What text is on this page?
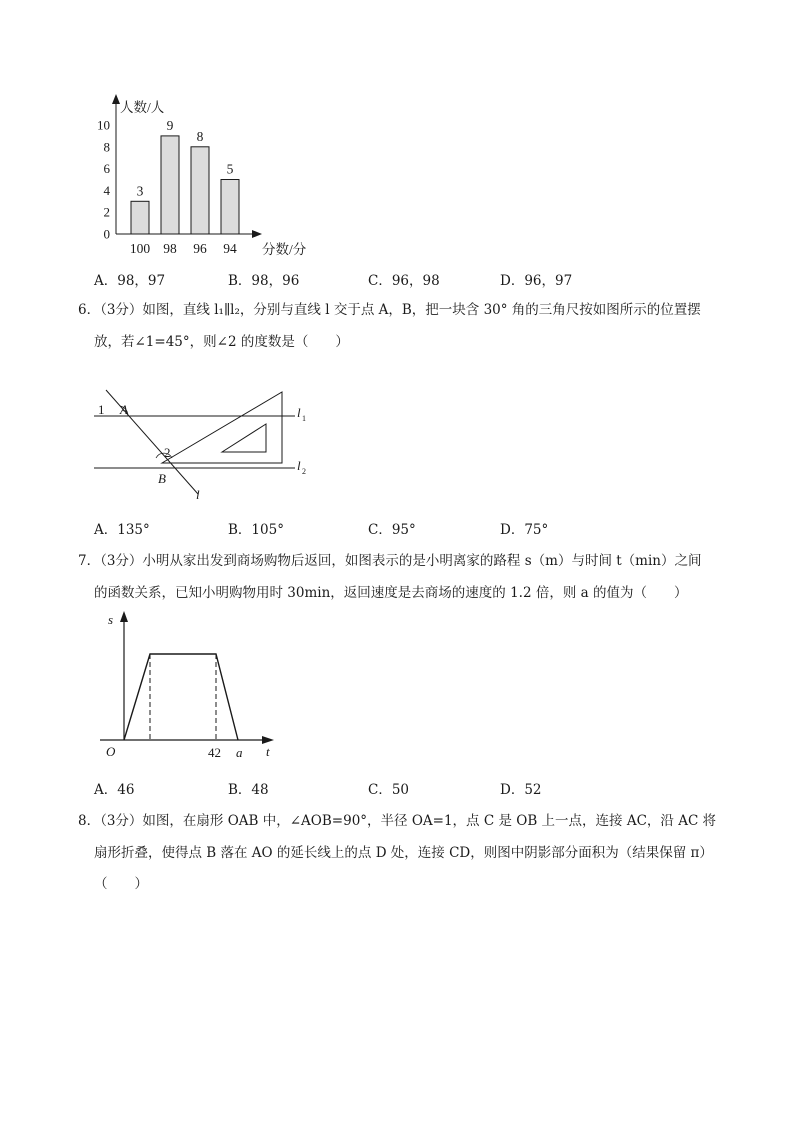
人数/人
分数/分
0
2
4
6
8
10
3
100
9
98
8
96
5
94
A．98，97	B．98，96	C．96，98	D．96，97
6．（3分）如图，直线 l₁∥l₂，分别与直线 l 交于点 A，B，把一块含 30° 角的三角尺按如图所示的位置摆
放，若∠1=45°，则∠2 的度数是（　　）
1 A
2
B
l
l 1
l 2
A．135°	B．105°	C．95°	D．75°
7．（3分）小明从家出发到商场购物后返回，如图表示的是小明离家的路程 s（m）与时间 t（min）之间
的函数关系，已知小明购物用时 30min，返回速度是去商场的速度的 1.2 倍，则 a 的值为（　　）
s
t
O	42 a
A．46	B．48	C．50	D．52
8．（3分）如图，在扇形 OAB 中，∠AOB=90°，半径 OA=1，点 C 是 OB 上一点，连接 AC，沿 AC 将
扇形折叠，使得点 B 落在 AO 的延长线上的点 D 处，连接 CD，则图中阴影部分面积为（结果保留 π）
（　　）
